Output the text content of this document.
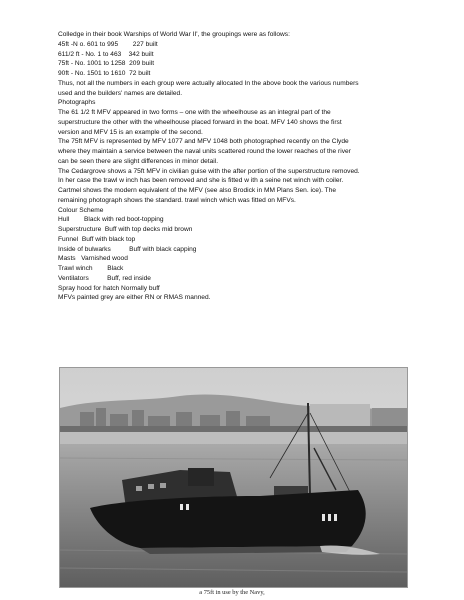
Colledge in their book Warships of World War II', the groupings were as follows:
45ft -N o. 601 to 995        227 built
611/2 ft - No. 1 to 463    342 built
75ft - No. 1001 to 1258  209 built
90ft - No. 1501 to 1610  72 built
Thus, not all the numbers in each group were actually allocated In the above book the various numbers
used and the builders' names are detailed.
Photographs
The 61 1/2 ft MFV appeared in two forms – one with the wheelhouse as an integral part of the
superstructure the other with the wheelhouse placed forward in the boat. MFV 140 shows the first
version and MFV 15 is an example of the second.
The 75ft MFV is represented by MFV 1077 and MFV 1048 both photographed recently on the Clyde
where they maintain a service between the naval units scattered round the lower reaches of the river
can be seen there are slight differences in minor detail.
The Cedargrove shows a 75ft MFV in civilian guise with the after portion of the superstructure removed.
In her case the trawl w inch has been removed and she is fitted w ith a seine net winch with coiler.
Cartmel shows the modern equivalent of the MFV (see also Brodick in MM Plans Sen. ice). The
remaining photograph shows the standard. trawl winch which was fitted on MFVs.
Colour Scheme
Hull        Black with red boot-topping
Superstructure  Buff with top decks mid brown
Funnel  Buff with black top
Inside of bulwarks          Buff with black capping
Masts   Varnished wood
Trawl winch        Black
Ventilators          Buff, red inside
Spray hood for hatch Normally buff
MFVs painted grey are either RN or RMAS manned.
a 75ft in use by the Navy,
